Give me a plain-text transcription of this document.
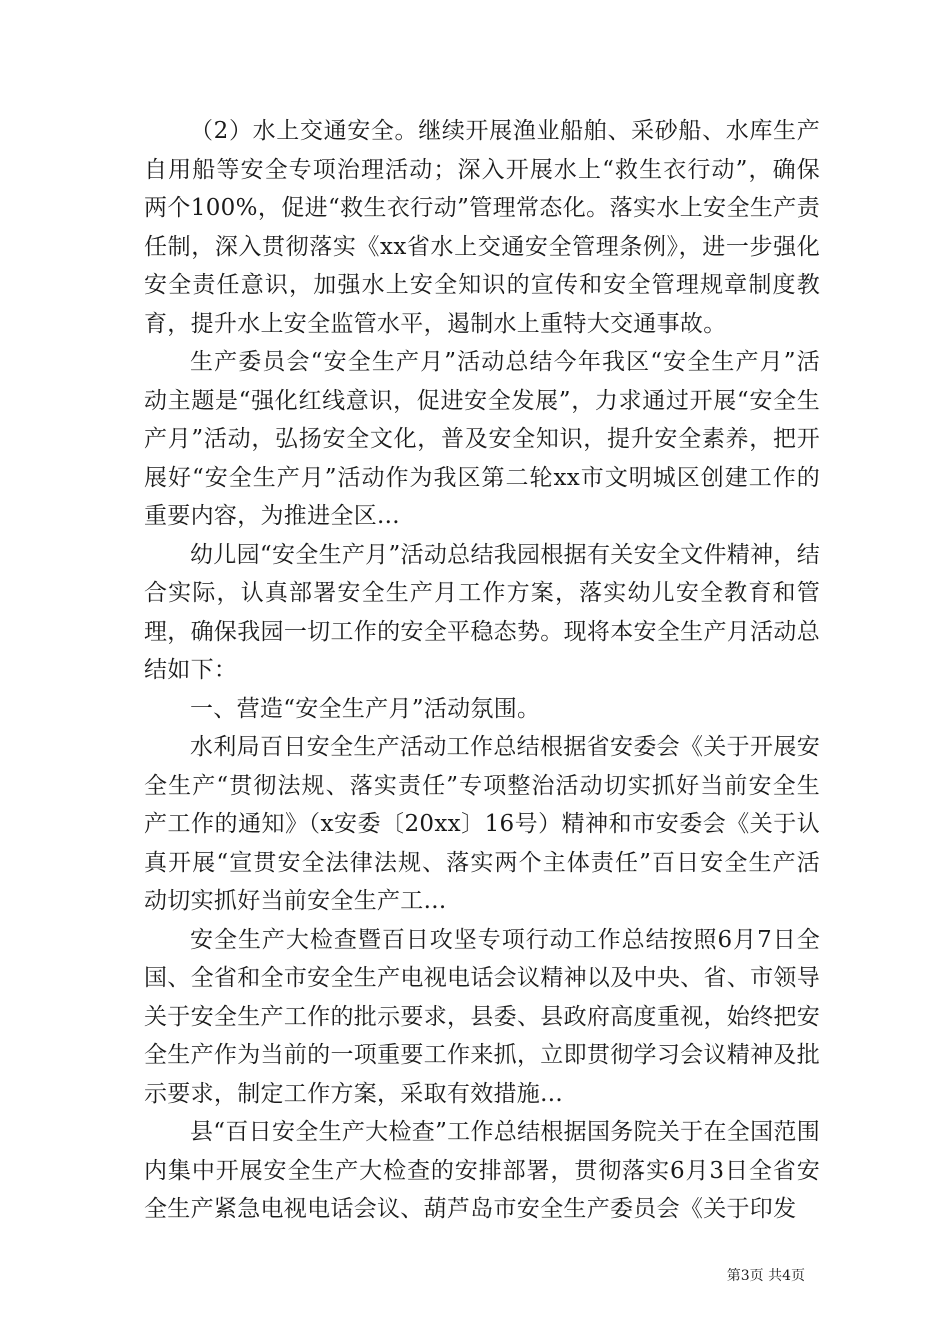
（2）水上交通安全。继续开展渔业船舶、采砂船、水库生产自用船等安全专项治理活动；深入开展水上“救生衣行动”，确保两个100%，促进“救生衣行动”管理常态化。落实水上安全生产责任制，深入贯彻落实《xx省水上交通安全管理条例》，进一步强化安全责任意识，加强水上安全知识的宣传和安全管理规章制度教育，提升水上安全监管水平，遏制水上重特大交通事故。

生产委员会“安全生产月”活动总结今年我区“安全生产月”活动主题是“强化红线意识，促进安全发展”，力求通过开展“安全生产月”活动，弘扬安全文化，普及安全知识，提升安全素养，把开展好“安全生产月”活动作为我区第二轮xx市文明城区创建工作的重要内容，为推进全区...

幼儿园“安全生产月”活动总结我园根据有关安全文件精神，结合实际，认真部署安全生产月工作方案，落实幼儿安全教育和管理，确保我园一切工作的安全平稳态势。现将本安全生产月活动总结如下：

一、营造“安全生产月”活动氛围。

水利局百日安全生产活动工作总结根据省安委会《关于开展安全生产“贯彻法规、落实责任”专项整治活动切实抓好当前安全生产工作的通知》（x安委〔20xx〕16号）精神和市安委会《关于认真开展“宣贯安全法律法规、落实两个主体责任”百日安全生产活动切实抓好当前安全生产工...

安全生产大检查暨百日攻坚专项行动工作总结按照6月7日全国、全省和全市安全生产电视电话会议精神以及中央、省、市领导关于安全生产工作的批示要求，县委、县政府高度重视，始终把安全生产作为当前的一项重要工作来抓，立即贯彻学习会议精神及批示要求，制定工作方案，采取有效措施...

县“百日安全生产大检查”工作总结根据国务院关于在全国范围内集中开展安全生产大检查的安排部署，贯彻落实6月3日全省安全生产紧急电视电话会议、葫芦岛市安全生产委员会《关于印发

第3页 共4页
